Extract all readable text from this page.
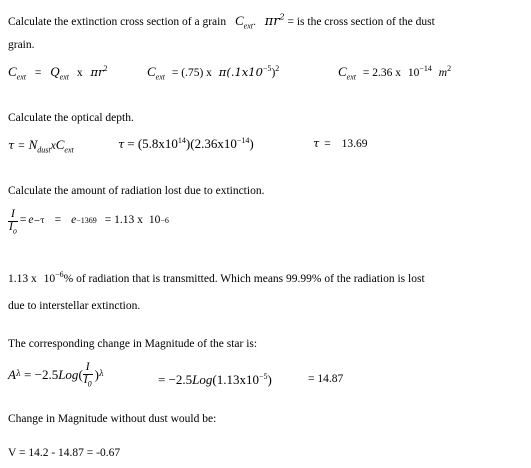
Calculate the extinction cross section of a grain $C_{ext}$. $\pi r^2$ = is the cross section of the dust
grain.
$C_{ext} = Q_{ext}$ x $\pi r^2$	$C_{ext} = (.75)$ x $\pi(.1x10^{-5})^2$	$C_{ext} = 2.36$ x $10^{-14}$ $m^2$
Calculate the optical depth.
$\tau = N_{dust}xC_{ext}$	$\tau = (5.8x10^{14})(2.36x10^{-14})$	τ = 13.69
Calculate the amount of radiation lost due to extinction.
$\frac{I}{I_o} = e -\tau = e -1369 = 1.13$ x 10 −6
1.13 x $10^{-6}\%$ of radiation that is transmitted. Which means 99.99% of the radiation is lost
due to interstellar extinction.
The corresponding change in Magnitude of the star is:
A λ = −2.5 Log ( $\frac{I}{I_0}$ ) λ	= $-2.5Log(1.13x10^{-5})$	= 14.87
Change in Magnitude without dust would be:
V = 14.2 - 14.87 = -0.67
